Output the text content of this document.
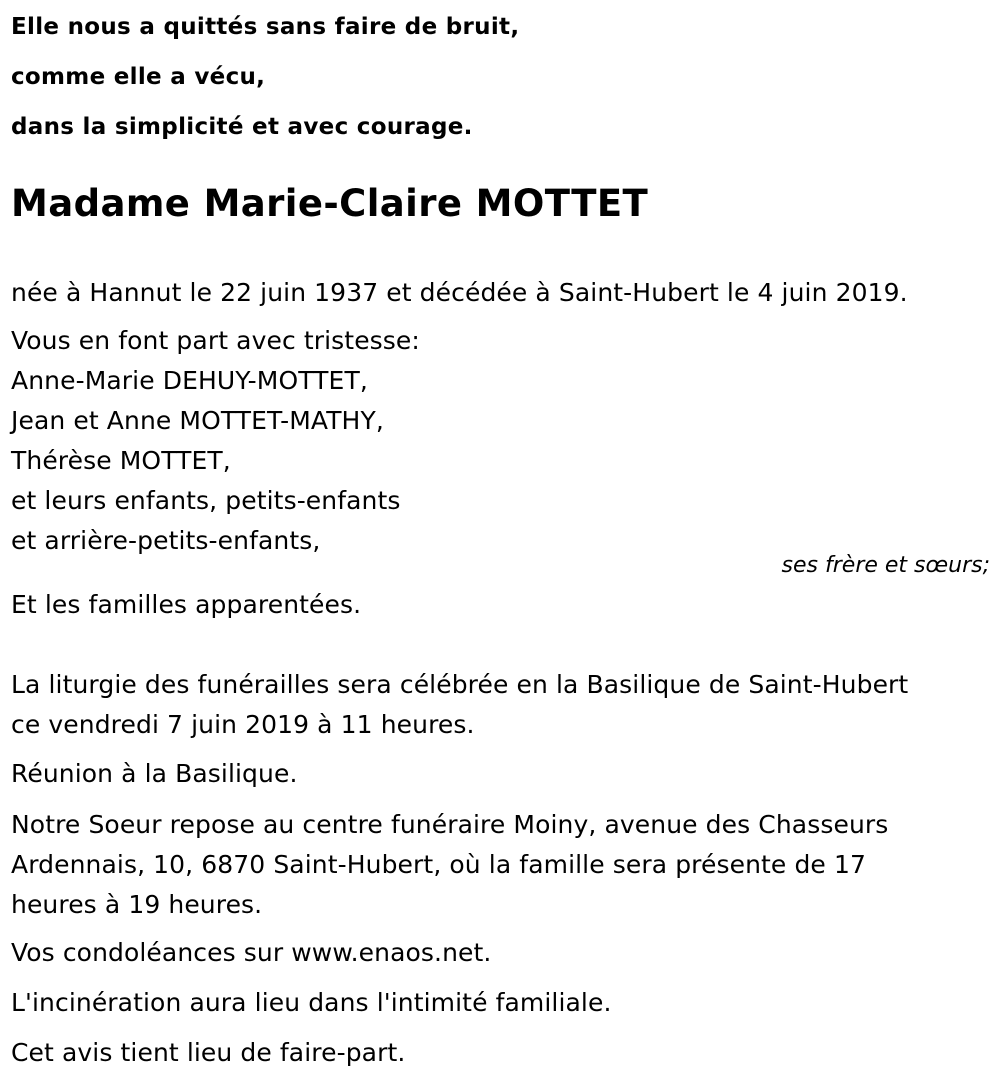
Elle nous a quittés sans faire de bruit,
comme elle a vécu,
dans la simplicité et avec courage.
Madame Marie-Claire MOTTET
née à Hannut le 22 juin 1937 et décédée à Saint-Hubert le 4 juin 2019.
Vous en font part avec tristesse:
Anne-Marie DEHUY-MOTTET,
Jean et Anne MOTTET-MATHY,
Thérèse MOTTET,
et leurs enfants, petits-enfants
et arrière-petits-enfants,
ses frère et sœurs;
Et les familles apparentées.
La liturgie des funérailles sera célébrée en la Basilique de Saint-Hubert
ce vendredi 7 juin 2019 à 11 heures.
Réunion à la Basilique.
Notre Soeur repose au centre funéraire Moiny, avenue des Chasseurs
Ardennais, 10, 6870 Saint-Hubert, où la famille sera présente de 17
heures à 19 heures.
Vos condoléances sur www.enaos.net.
L'incinération aura lieu dans l'intimité familiale.
Cet avis tient lieu de faire-part.
